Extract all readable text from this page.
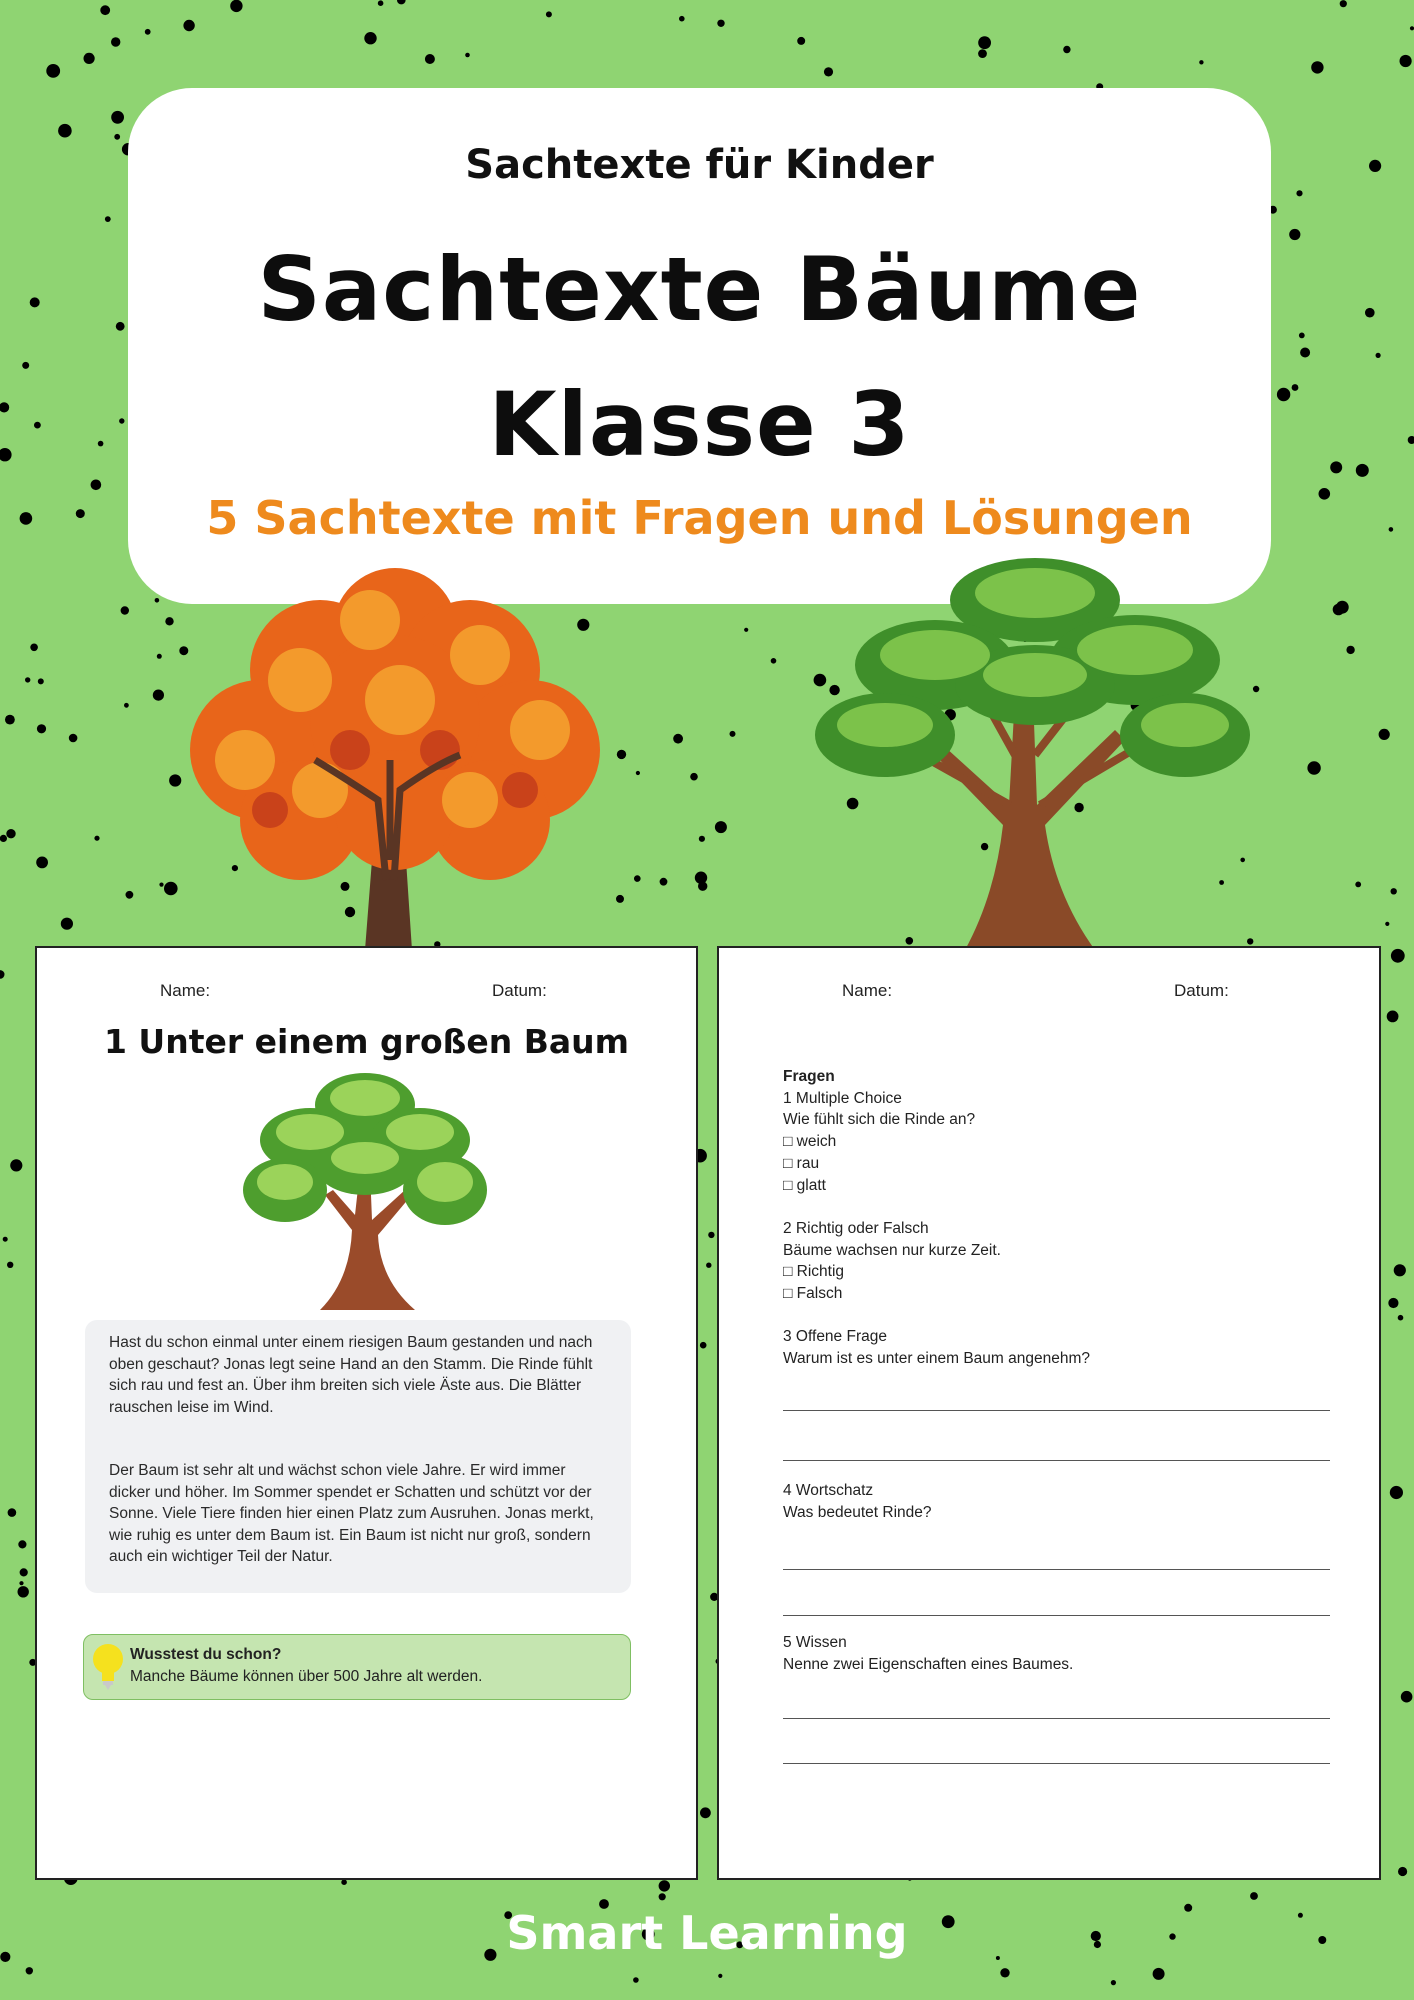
Sachtexte für Kinder
Sachtexte Bäume
Klasse 3
5 Sachtexte mit Fragen und Lösungen
Name:	Datum:
1 Unter einem großen Baum

Hast du schon einmal unter einem riesigen Baum gestanden und nach oben geschaut? Jonas legt seine Hand an den Stamm. Die Rinde fühlt sich rau und fest an. Über ihm breiten sich viele Äste aus. Die Blätter rauschen leise im Wind.

Der Baum ist sehr alt und wächst schon viele Jahre. Er wird immer dicker und höher. Im Sommer spendet er Schatten und schützt vor der Sonne. Viele Tiere finden hier einen Platz zum Ausruhen. Jonas merkt, wie ruhig es unter dem Baum ist. Ein Baum ist nicht nur groß, sondern auch ein wichtiger Teil der Natur.

Wusstest du schon?
Manche Bäume können über 500 Jahre alt werden.
Name:	Datum:
Fragen
1 Multiple Choice
Wie fühlt sich die Rinde an?
□ weich
□ rau
□ glatt
2 Richtig oder Falsch
Bäume wachsen nur kurze Zeit.
□ Richtig
□ Falsch
3 Offene Frage
Warum ist es unter einem Baum angenehm?
4 Wortschatz
Was bedeutet Rinde?
5 Wissen
Nenne zwei Eigenschaften eines Baumes.
Smart Learning
